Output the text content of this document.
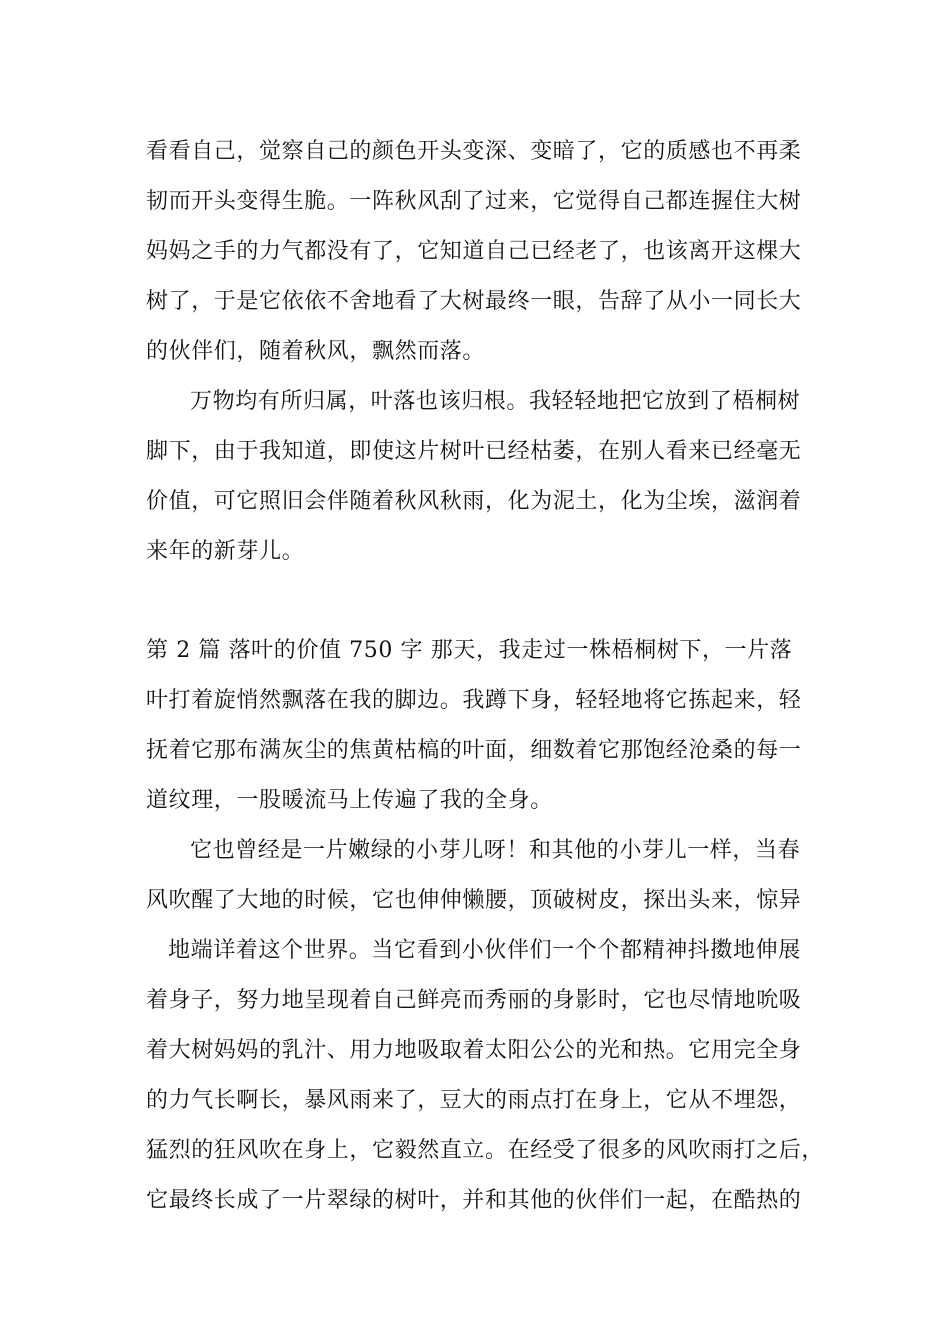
看看自己，觉察自己的颜色开头变深、变暗了，它的质感也不再柔
韧而开头变得生脆。一阵秋风刮了过来，它觉得自己都连握住大树
妈妈之手的力气都没有了，它知道自己已经老了，也该离开这棵大
树了，于是它依依不舍地看了大树最终一眼，告辞了从小一同长大
的伙伴们，随着秋风，飘然而落。
万物均有所归属，叶落也该归根。我轻轻地把它放到了梧桐树
脚下，由于我知道，即使这片树叶已经枯萎，在别人看来已经毫无
价值，可它照旧会伴随着秋风秋雨，化为泥土，化为尘埃，滋润着
来年的新芽儿。
第 2 篇 落叶的价值 750 字 那天，我走过一株梧桐树下，一片落
叶打着旋悄然飘落在我的脚边。我蹲下身，轻轻地将它拣起来，轻
抚着它那布满灰尘的焦黄枯槁的叶面，细数着它那饱经沧桑的每一
道纹理，一股暖流马上传遍了我的全身。
它也曾经是一片嫩绿的小芽儿呀！和其他的小芽儿一样，当春
风吹醒了大地的时候，它也伸伸懒腰，顶破树皮，探出头来，惊异
地端详着这个世界。当它看到小伙伴们一个个都精神抖擞地伸展
着身子，努力地呈现着自己鲜亮而秀丽的身影时，它也尽情地吮吸
着大树妈妈的乳汁、用力地吸取着太阳公公的光和热。它用完全身
的力气长啊长，暴风雨来了，豆大的雨点打在身上，它从不埋怨，
猛烈的狂风吹在身上，它毅然直立。在经受了很多的风吹雨打之后，
它最终长成了一片翠绿的树叶，并和其他的伙伴们一起，在酷热的
